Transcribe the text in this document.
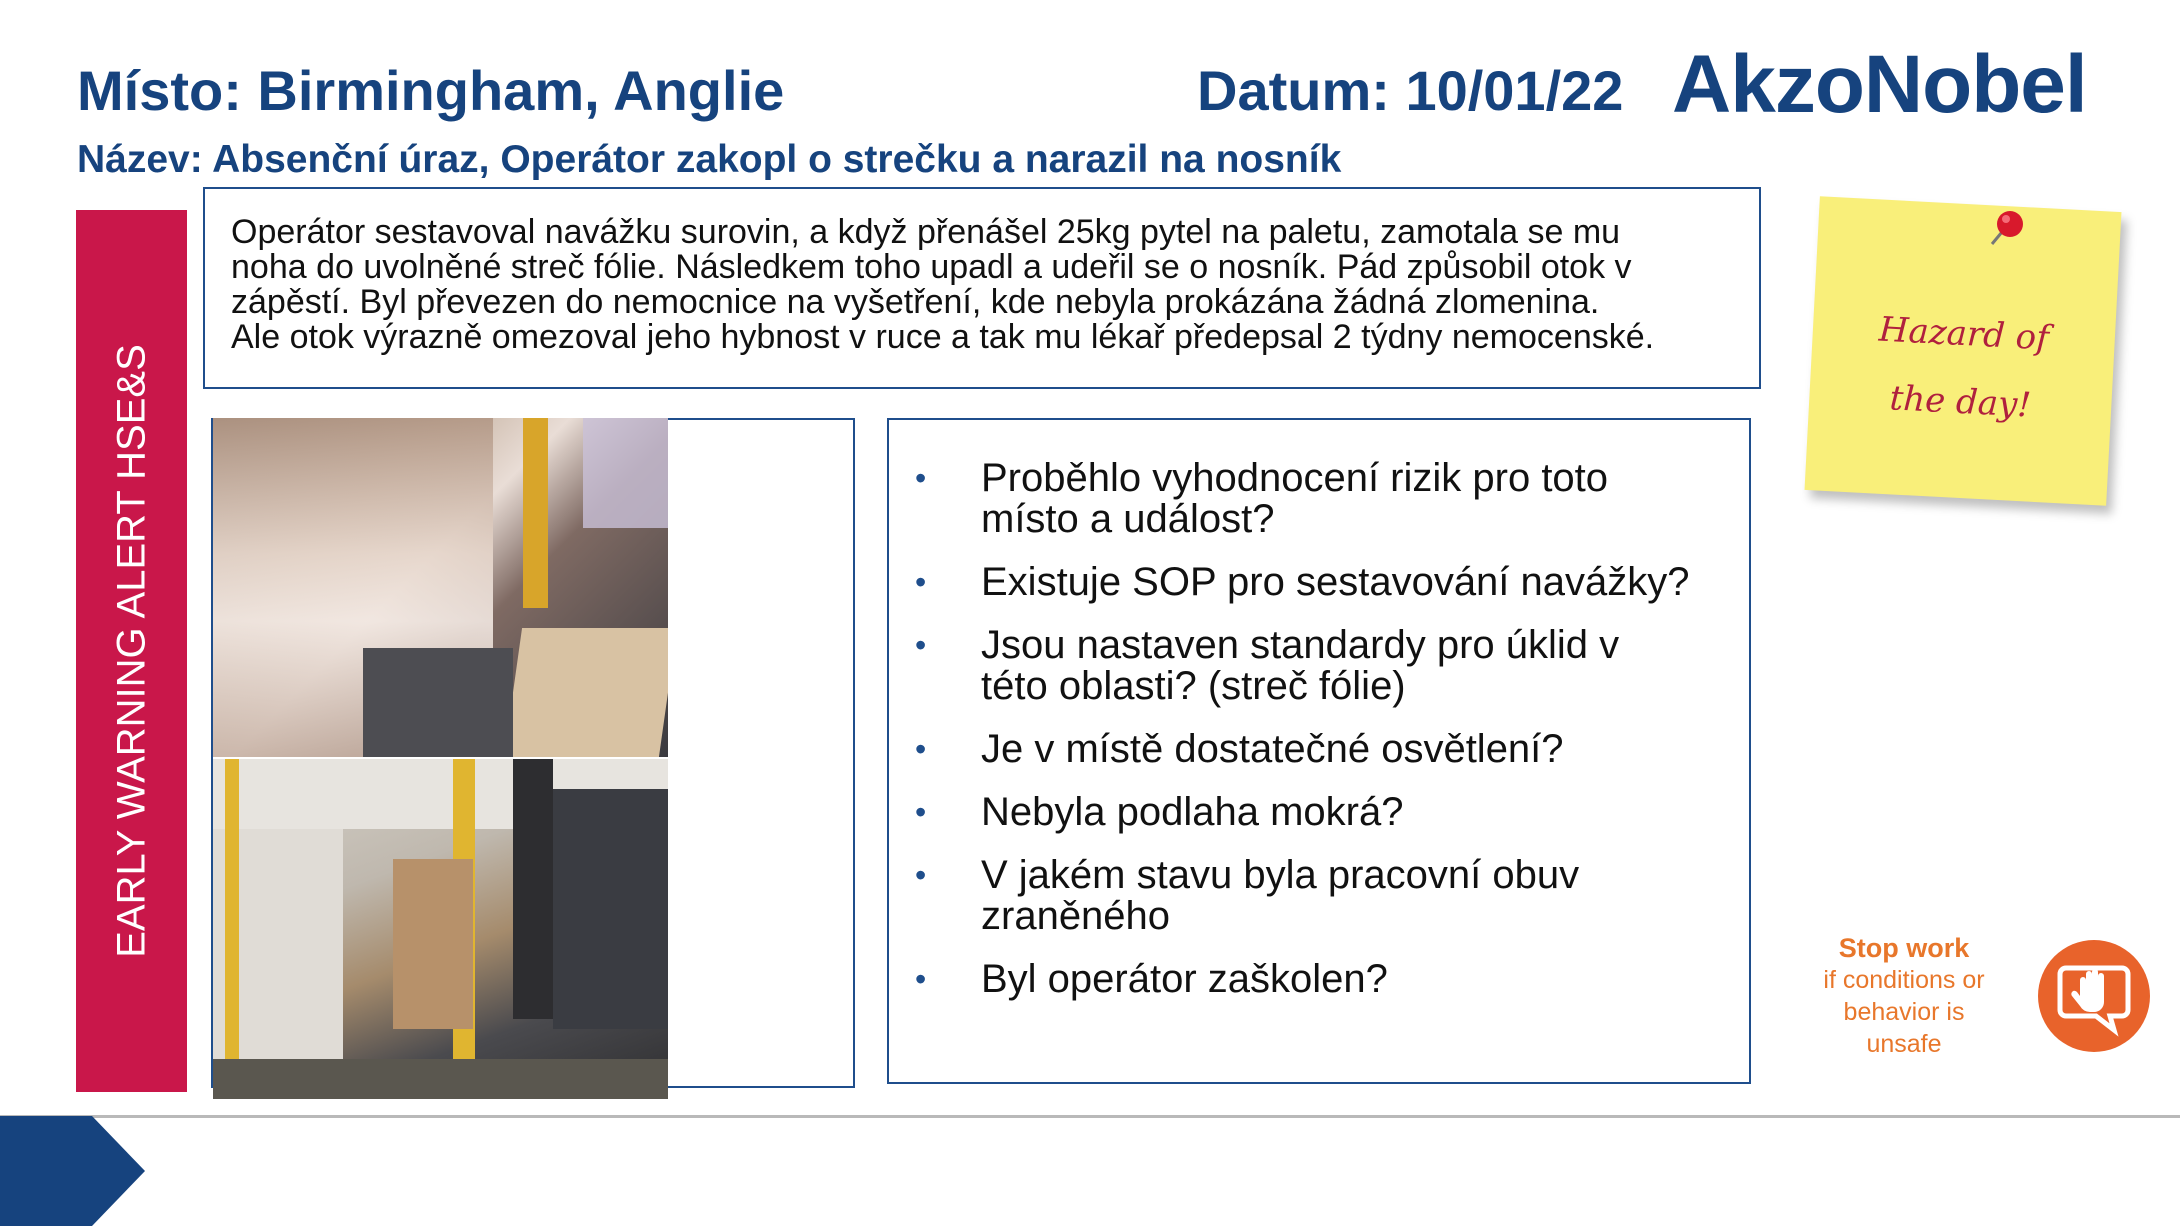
Místo: Birmingham, Anglie	Datum: 10/01/22 AkzoNobel
Název: Absenční úraz, Operátor zakopl o strečku a narazil na nosník
EARLY WARNING ALERT HSE&S
Operátor sestavoval navážku surovin, a když přenášel 25kg pytel na paletu, zamotala se mu
noha do uvolněné streč fólie. Následkem toho upadl a udeřil se o nosník. Pád způsobil otok v
zápěstí. Byl převezen do nemocnice na vyšetření, kde nebyla prokázána žádná zlomenina.
Ale otok výrazně omezoval jeho hybnost v ruce a tak mu lékař předepsal 2 týdny nemocenské.
• Proběhlo vyhodnocení rizik pro toto
místo a událost?
• Existuje SOP pro sestavování navážky?
• Jsou nastaven standardy pro úklid v
této oblasti? (streč fólie)
• Je v místě dostatečné osvětlení?
• Nebyla podlaha mokrá?
• V jakém stavu byla pracovní obuv
zraněného
• Byl operátor zaškolen?
Hazard of
the day!
Stop work
if conditions or
behavior is
unsafe
